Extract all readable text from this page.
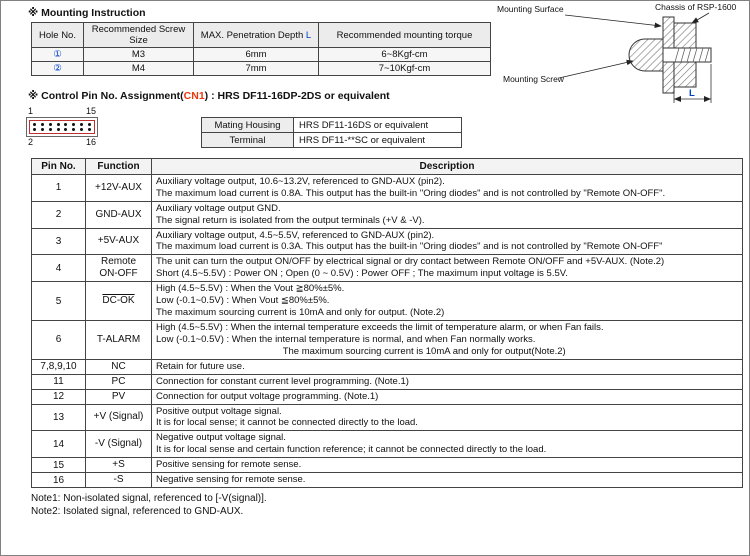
※ Mounting Instruction
Hole No.	Recommended Screw Size	MAX. Penetration Depth L	Recommended mounting torque
①	M3	6mm	6~8Kgf-cm
②	M4	7mm	7~10Kgf-cm
Mounting Surface	Chassis of RSP-1600
Mounting Screw
L
※ Control Pin No. Assignment(CN1) : HRS DF11-16DP-2DS or equivalent
1	15
2	16
Mating Housing	HRS DF11-16DS or equivalent
Terminal	HRS DF11-**SC or equivalent
Pin No.	Function	Description
1	+12V-AUX	Auxiliary voltage output, 10.6~13.2V, referenced to GND-AUX (pin2).
The maximum load current is 0.8A. This output has the built-in "Oring diodes" and is not controlled by "Remote ON-OFF".
2	GND-AUX	Auxiliary voltage output GND.
The signal return is isolated from the output terminals (+V & -V).
3	+5V-AUX	Auxiliary voltage output, 4.5~5.5V, referenced to GND-AUX (pin2).
The maximum load current is 0.3A. This output has the built-in "Oring diodes" and is not controlled by "Remote ON-OFF"
4	Remote
ON-OFF	The unit can turn the output ON/OFF by electrical signal or dry contact between Remote ON/OFF and +5V-AUX. (Note.2)
Short (4.5~5.5V) : Power ON ; Open (0 ~ 0.5V) : Power OFF ; The maximum input voltage is 5.5V.
5	DC-OK	High (4.5~5.5V) : When the Vout ≧80%±5%.
Low (-0.1~0.5V) : When Vout ≦80%±5%.
The maximum sourcing current is 10mA and only for output. (Note.2)
6	T-ALARM	High (4.5~5.5V) : When the internal temperature exceeds the limit of temperature alarm, or when Fan fails.
Low (-0.1~0.5V) : When the internal temperature is normal, and when Fan normally works.
The maximum sourcing current is 10mA and only for output(Note.2)
7,8,9,10	NC	Retain for future use.
11	PC	Connection for constant current level programming. (Note.1)
12	PV	Connection for output voltage programming. (Note.1)
13	+V (Signal)	Positive output voltage signal.
It is for local sense; it cannot be connected directly to the load.
14	-V (Signal)	Negative output voltage signal.
It is for local sense and certain function reference; it cannot be connected directly to the load.
15	+S	Positive sensing for remote sense.
16	-S	Negative sensing for remote sense.
Note1: Non-isolated signal, referenced to [-V(signal)].
Note2: Isolated signal, referenced to GND-AUX.
